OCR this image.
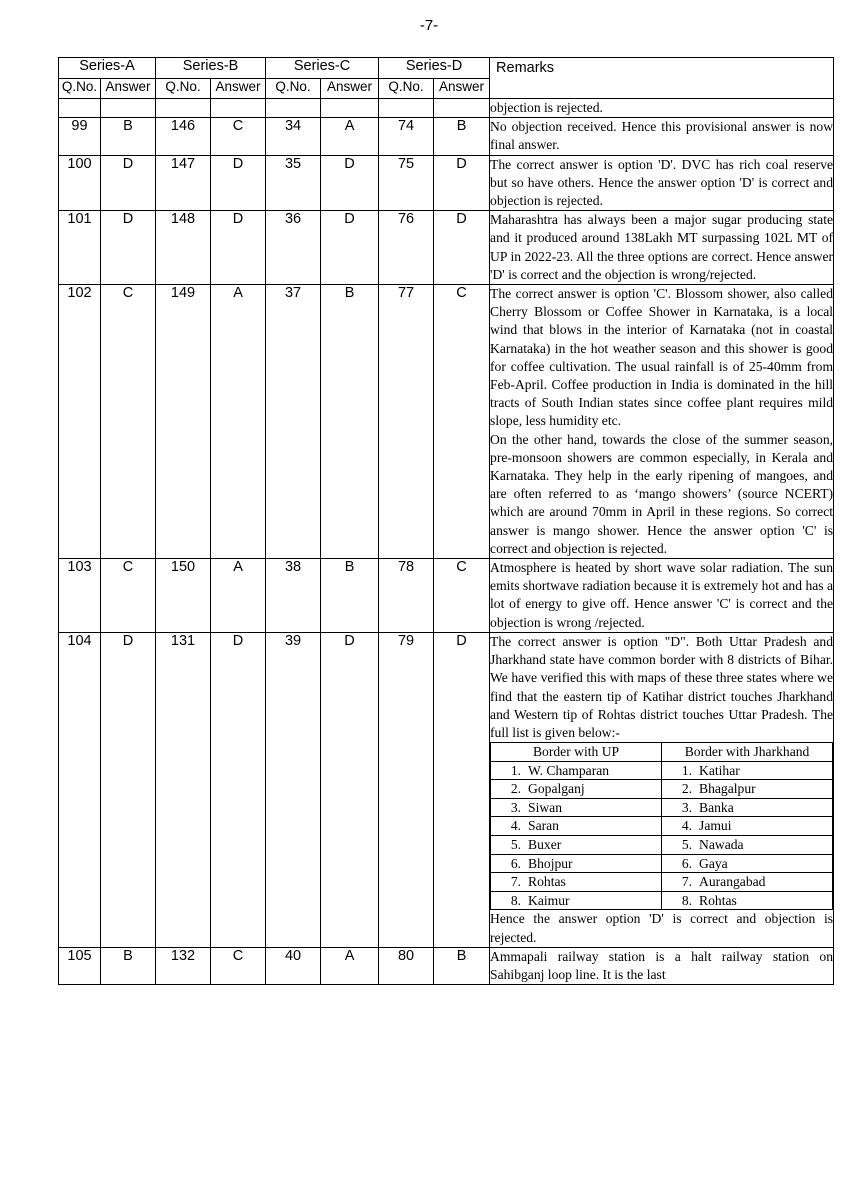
-7-
Series-A	Series-B	Series-C	Series-D	Remarks
Q.No.	Answer	Q.No.	Answer	Q.No.	Answer	Q.No.	Answer
								objection is rejected.
99	B	146	C	34	A	74	B	No objection received. Hence this provisional answer is now final answer.

100	D	147	D	35	D	75	D	The correct answer is option 'D'. DVC has rich coal reserve but so have others. Hence the answer option 'D' is correct and objection is rejected.

101	D	148	D	36	D	76	D	Maharashtra has always been a major sugar producing state and it produced around 138Lakh MT surpassing 102L MT of UP in 2022-23. All the three options are correct. Hence answer 'D' is correct and the objection is wrong/rejected.

102	C	149	A	37	B	77	C	The correct answer is option 'C'. Blossom shower, also called Cherry Blossom or Coffee Shower in Karnataka, is a local wind that blows in the interior of Karnataka (not in coastal Karnataka) in the hot weather season and this shower is good for coffee cultivation. The usual rainfall is of 25-40mm from Feb-April. Coffee production in India is dominated in the hill tracts of South Indian states since coffee plant requires mild slope, less humidity etc.

On the other hand, towards the close of the summer season, pre-monsoon showers are common especially, in Kerala and Karnataka. They help in the early ripening of mangoes, and are often referred to as ‘mango showers’ (source NCERT) which are around 70mm in April in these regions. So correct answer is mango shower. Hence the answer option 'C' is correct and objection is rejected.

103	C	150	A	38	B	78	C	Atmosphere is heated by short wave solar radiation. The sun emits shortwave radiation because it is extremely hot and has a lot of energy to give off. Hence answer 'C' is correct and the objection is wrong /rejected.

104	D	131	D	39	D	79	D	The correct answer is option "D". Both Uttar Pradesh and Jharkhand state have common border with 8 districts of Bihar. We have verified this with maps of these three states where we find that the eastern tip of Katihar district touches Jharkhand and Western tip of Rohtas district touches Uttar Pradesh. The full list is given below:-

Border with UP	Border with Jharkhand
1. W. Champaran	1. Katihar
2. Gopalganj	2. Bhagalpur
3. Siwan	3. Banka
4. Saran	4. Jamui
5. Buxer	5. Nawada
6. Bhojpur	6. Gaya
7. Rohtas	7. Aurangabad
8. Kaimur	8. Rohtas

Hence the answer option 'D' is correct and objection is rejected.

105	B	132	C	40	A	80	B	Ammapali railway station is a halt railway station on Sahibganj loop line. It is the last
